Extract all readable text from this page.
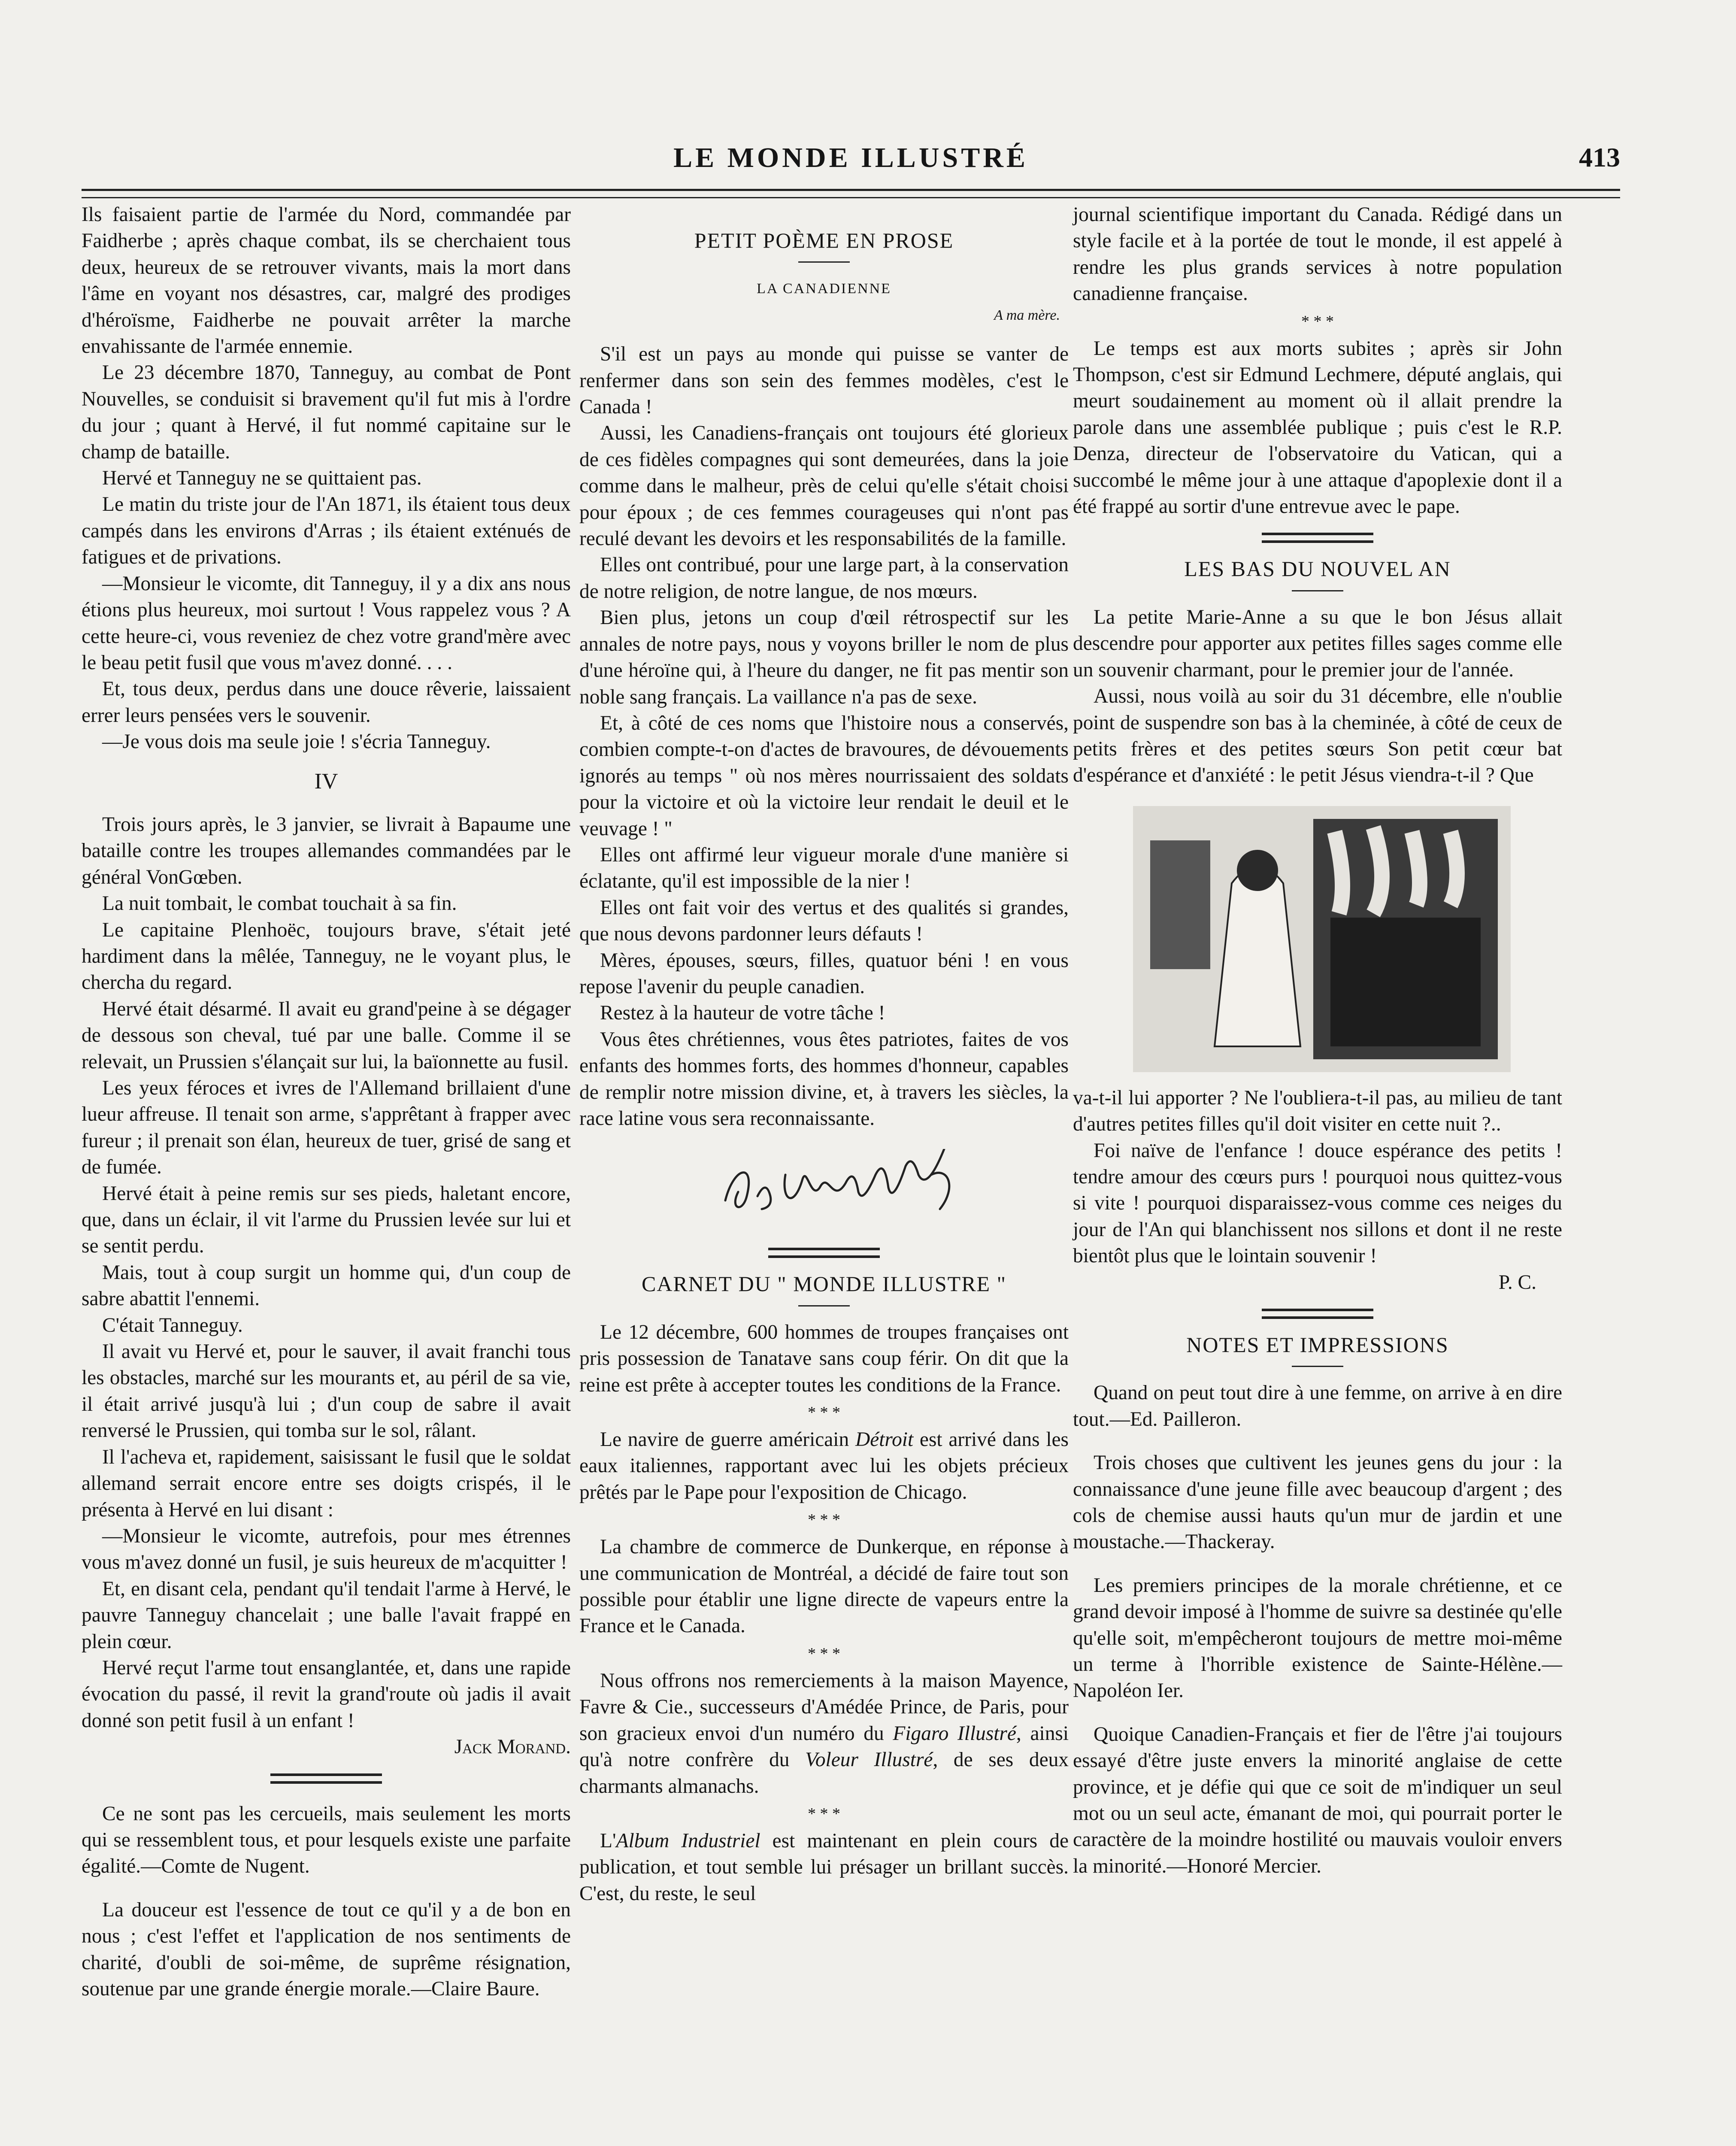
LE MONDE ILLUSTRÉ	413

Ils faisaient partie de l'armée du Nord, commandée par Faidherbe ; après chaque combat, ils se cherchaient tous deux, heureux de se retrouver vivants, mais la mort dans l'âme en voyant nos désastres, car, malgré des prodiges d'héroïsme, Faidherbe ne pouvait arrêter la marche envahissante de l'armée ennemie.

Le 23 décembre 1870, Tanneguy, au combat de Pont Nouvelles, se conduisit si bravement qu'il fut mis à l'ordre du jour ; quant à Hervé, il fut nommé capitaine sur le champ de bataille.

Hervé et Tanneguy ne se quittaient pas.

Le matin du triste jour de l'An 1871, ils étaient tous deux campés dans les environs d'Arras ; ils étaient exténués de fatigues et de privations.

—Monsieur le vicomte, dit Tanneguy, il y a dix ans nous étions plus heureux, moi surtout ! Vous rappelez vous ? A cette heure-ci, vous reveniez de chez votre grand'mère avec le beau petit fusil que vous m'avez donné. . . .

Et, tous deux, perdus dans une douce rêverie, laissaient errer leurs pensées vers le souvenir.

—Je vous dois ma seule joie ! s'écria Tanneguy.

IV

Trois jours après, le 3 janvier, se livrait à Bapaume une bataille contre les troupes allemandes commandées par le général VonGœben.

La nuit tombait, le combat touchait à sa fin.

Le capitaine Plenhoëc, toujours brave, s'était jeté hardiment dans la mêlée, Tanneguy, ne le voyant plus, le chercha du regard.

Hervé était désarmé. Il avait eu grand'peine à se dégager de dessous son cheval, tué par une balle. Comme il se relevait, un Prussien s'élançait sur lui, la baïonnette au fusil.

Les yeux féroces et ivres de l'Allemand brillaient d'une lueur affreuse. Il tenait son arme, s'apprêtant à frapper avec fureur ; il prenait son élan, heureux de tuer, grisé de sang et de fumée.

Hervé était à peine remis sur ses pieds, haletant encore, que, dans un éclair, il vit l'arme du Prussien levée sur lui et se sentit perdu.

Mais, tout à coup surgit un homme qui, d'un coup de sabre abattit l'ennemi.

C'était Tanneguy.

Il avait vu Hervé et, pour le sauver, il avait franchi tous les obstacles, marché sur les mourants et, au péril de sa vie, il était arrivé jusqu'à lui ; d'un coup de sabre il avait renversé le Prussien, qui tomba sur le sol, râlant.

Il l'acheva et, rapidement, saisissant le fusil que le soldat allemand serrait encore entre ses doigts crispés, il le présenta à Hervé en lui disant :

—Monsieur le vicomte, autrefois, pour mes étrennes vous m'avez donné un fusil, je suis heureux de m'acquitter !

Et, en disant cela, pendant qu'il tendait l'arme à Hervé, le pauvre Tanneguy chancelait ; une balle l'avait frappé en plein cœur.

Hervé reçut l'arme tout ensanglantée, et, dans une rapide évocation du passé, il revit la grand'route où jadis il avait donné son petit fusil à un enfant !

Jack Morand.

Ce ne sont pas les cercueils, mais seulement les morts qui se ressemblent tous, et pour lesquels existe une parfaite égalité.—Comte de Nugent.

La douceur est l'essence de tout ce qu'il y a de bon en nous ; c'est l'effet et l'application de nos sentiments de charité, d'oubli de soi-même, de suprême résignation, soutenue par une grande énergie morale.—Claire Baure.

PETIT POÈME EN PROSE
LA CANADIENNE
A ma mère.

S'il est un pays au monde qui puisse se vanter de renfermer dans son sein des femmes modèles, c'est le Canada !

Aussi, les Canadiens-français ont toujours été glorieux de ces fidèles compagnes qui sont demeurées, dans la joie comme dans le malheur, près de celui qu'elle s'était choisi pour époux ; de ces femmes courageuses qui n'ont pas reculé devant les devoirs et les responsabilités de la famille.

Elles ont contribué, pour une large part, à la conservation de notre religion, de notre langue, de nos mœurs.

Bien plus, jetons un coup d'œil rétrospectif sur les annales de notre pays, nous y voyons briller le nom de plus d'une héroïne qui, à l'heure du danger, ne fit pas mentir son noble sang français. La vaillance n'a pas de sexe.

Et, à côté de ces noms que l'histoire nous a conservés, combien compte-t-on d'actes de bravoures, de dévouements ignorés au temps " où nos mères nourrissaient des soldats pour la victoire et où la victoire leur rendait le deuil et le veuvage ! "

Elles ont affirmé leur vigueur morale d'une manière si éclatante, qu'il est impossible de la nier !

Elles ont fait voir des vertus et des qualités si grandes, que nous devons pardonner leurs défauts !

Mères, épouses, sœurs, filles, quatuor béni ! en vous repose l'avenir du peuple canadien.

Restez à la hauteur de votre tâche !

Vous êtes chrétiennes, vous êtes patriotes, faites de vos enfants des hommes forts, des hommes d'honneur, capables de remplir notre mission divine, et, à travers les siècles, la race latine vous sera reconnaissante.

CARNET DU " MONDE ILLUSTRE "

Le 12 décembre, 600 hommes de troupes françaises ont pris possession de Tanatave sans coup férir. On dit que la reine est prête à accepter toutes les conditions de la France.

* * *

Le navire de guerre américain Détroit est arrivé dans les eaux italiennes, rapportant avec lui les objets précieux prêtés par le Pape pour l'exposition de Chicago.

* * *

La chambre de commerce de Dunkerque, en réponse à une communication de Montréal, a décidé de faire tout son possible pour établir une ligne directe de vapeurs entre la France et le Canada.

* * *

Nous offrons nos remerciements à la maison Mayence, Favre & Cie., successeurs d'Amédée Prince, de Paris, pour son gracieux envoi d'un numéro du Figaro Illustré, ainsi qu'à notre confrère du Voleur Illustré, de ses deux charmants almanachs.

* * *

L'Album Industriel est maintenant en plein cours de publication, et tout semble lui présager un brillant succès. C'est, du reste, le seul

journal scientifique important du Canada. Rédigé dans un style facile et à la portée de tout le monde, il est appelé à rendre les plus grands services à notre population canadienne française.

* * *

Le temps est aux morts subites ; après sir John Thompson, c'est sir Edmund Lechmere, député anglais, qui meurt soudainement au moment où il allait prendre la parole dans une assemblée publique ; puis c'est le R.P. Denza, directeur de l'observatoire du Vatican, qui a succombé le même jour à une attaque d'apoplexie dont il a été frappé au sortir d'une entrevue avec le pape.

LES BAS DU NOUVEL AN

La petite Marie-Anne a su que le bon Jésus allait descendre pour apporter aux petites filles sages comme elle un souvenir charmant, pour le premier jour de l'année.

Aussi, nous voilà au soir du 31 décembre, elle n'oublie point de suspendre son bas à la cheminée, à côté de ceux de petits frères et des petites sœurs Son petit cœur bat d'espérance et d'anxiété : le petit Jésus viendra-t-il ? Que

va-t-il lui apporter ? Ne l'oubliera-t-il pas, au milieu de tant d'autres petites filles qu'il doit visiter en cette nuit ?..

Foi naïve de l'enfance ! douce espérance des petits ! tendre amour des cœurs purs ! pourquoi nous quittez-vous si vite ! pourquoi disparaissez-vous comme ces neiges du jour de l'An qui blanchissent nos sillons et dont il ne reste bientôt plus que le lointain souvenir !

P. C.

NOTES ET IMPRESSIONS

Quand on peut tout dire à une femme, on arrive à en dire tout.—Ed. Pailleron.

Trois choses que cultivent les jeunes gens du jour : la connaissance d'une jeune fille avec beaucoup d'argent ; des cols de chemise aussi hauts qu'un mur de jardin et une moustache.—Thackeray.

Les premiers principes de la morale chrétienne, et ce grand devoir imposé à l'homme de suivre sa destinée qu'elle qu'elle soit, m'empêcheront toujours de mettre moi-même un terme à l'horrible existence de Sainte-Hélène.—Napoléon Ier.

Quoique Canadien-Français et fier de l'être j'ai toujours essayé d'être juste envers la minorité anglaise de cette province, et je défie qui que ce soit de m'indiquer un seul mot ou un seul acte, émanant de moi, qui pourrait porter le caractère de la moindre hostilité ou mauvais vouloir envers la minorité.—Honoré Mercier.
